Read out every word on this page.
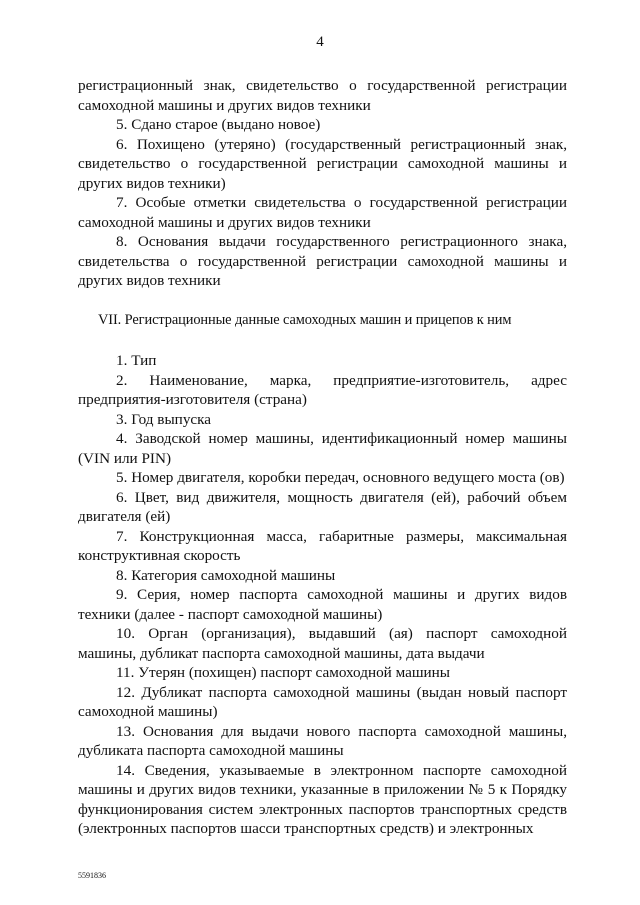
4

регистрационный знак, свидетельство о государственной регистрации самоходной машины и других видов техники

5. Сдано старое (выдано новое)

6. Похищено (утеряно) (государственный регистрационный знак, свидетельство о государственной регистрации самоходной машины и других видов техники)

7. Особые отметки свидетельства о государственной регистрации самоходной машины и других видов техники

8. Основания выдачи государственного регистрационного знака, свидетельства о государственной регистрации самоходной машины и других видов техники

VII. Регистрационные данные самоходных машин и прицепов к ним

1. Тип

2. Наименование, марка, предприятие-изготовитель, адрес предприятия-изготовителя (страна)

3. Год выпуска

4. Заводской номер машины, идентификационный номер машины (VIN или PIN)

5. Номер двигателя, коробки передач, основного ведущего моста (ов)

6. Цвет, вид движителя, мощность двигателя (ей), рабочий объем двигателя (ей)

7. Конструкционная масса, габаритные размеры, максимальная конструктивная скорость

8. Категория самоходной машины

9. Серия, номер паспорта самоходной машины и других видов техники (далее - паспорт самоходной машины)

10. Орган (организация), выдавший (ая) паспорт самоходной машины, дубликат паспорта самоходной машины, дата выдачи

11. Утерян (похищен) паспорт самоходной машины

12. Дубликат паспорта самоходной машины (выдан новый паспорт самоходной машины)

13. Основания для выдачи нового паспорта самоходной машины, дубликата паспорта самоходной машины

14. Сведения, указываемые в электронном паспорте самоходной машины и других видов техники, указанные в приложении № 5 к Порядку функционирования систем электронных паспортов транспортных средств (электронных паспортов шасси транспортных средств) и электронных

5591836
